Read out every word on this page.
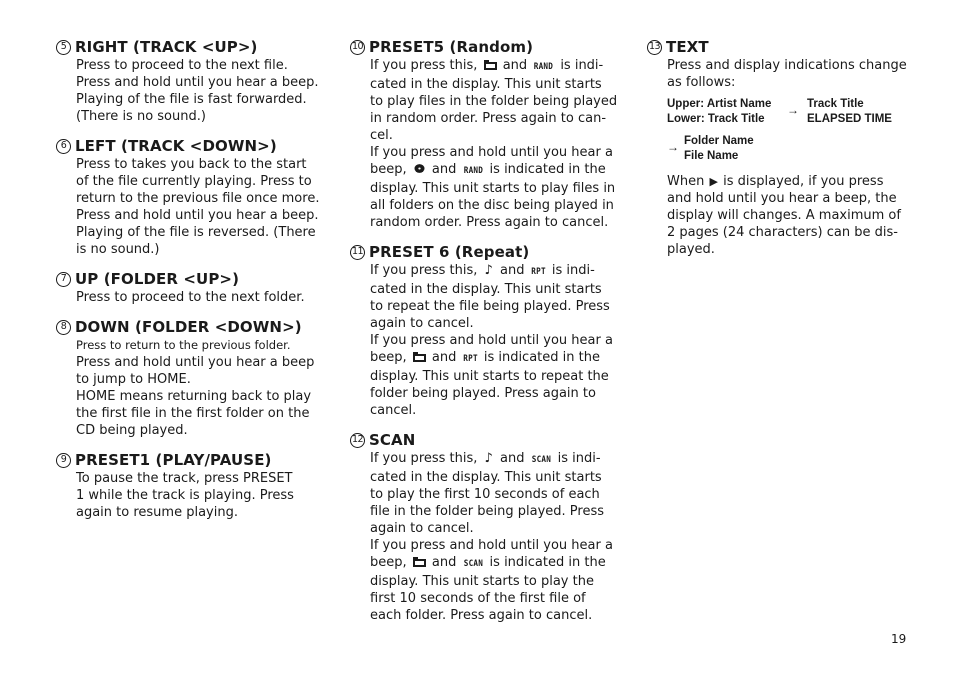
5 RIGHT (TRACK <UP>)

Press to proceed to the next file.

Press and hold until you hear a beep.

Playing of the file is fast forwarded.

(There is no sound.)

6 LEFT (TRACK <DOWN>)

Press to takes you back to the start

of the file currently playing. Press to

return to the previous file once more.

Press and hold until you hear a beep.

Playing of the file is reversed. (There

is no sound.)

7 UP (FOLDER <UP>)

Press to proceed to the next folder.

8 DOWN (FOLDER <DOWN>)

Press to return to the previous folder.

Press and hold until you hear a beep

to jump to HOME.

HOME means returning back to play

the first file in the first folder on the

CD being played.

9 PRESET1 (PLAY/PAUSE)

To pause the track, press PRESET

1 while the track is playing. Press

again to resume playing.

10 PRESET5 (Random)

If you press this, and RAND is indi-

cated in the display. This unit starts

to play files in the folder being played

in random order. Press again to can-

cel.

If you press and hold until you hear a

beep, and RAND is indicated in the

display. This unit starts to play files in

all folders on the disc being played in

random order. Press again to cancel.

11 PRESET 6 (Repeat)

If you press this, ♪ and RPT is indi-

cated in the display. This unit starts

to repeat the file being played. Press

again to cancel.

If you press and hold until you hear a

beep, and RPT is indicated in the

display. This unit starts to repeat the

folder being played. Press again to

cancel.

12 SCAN

If you press this, ♪ and SCAN is indi-

cated in the display. This unit starts

to play the first 10 seconds of each

file in the folder being played. Press

again to cancel.

If you press and hold until you hear a

beep, and SCAN is indicated in the

display. This unit starts to play the

first 10 seconds of the first file of

each folder. Press again to cancel.

13 TEXT

Press and display indications change

as follows:

Upper: Artist Name
Lower: Track Title
→ Track Title
ELAPSED TIME
→ Folder Name
File Name

When ▶ is displayed, if you press

and hold until you hear a beep, the

display will changes. A maximum of

2 pages (24 characters) can be dis-

played.

19
